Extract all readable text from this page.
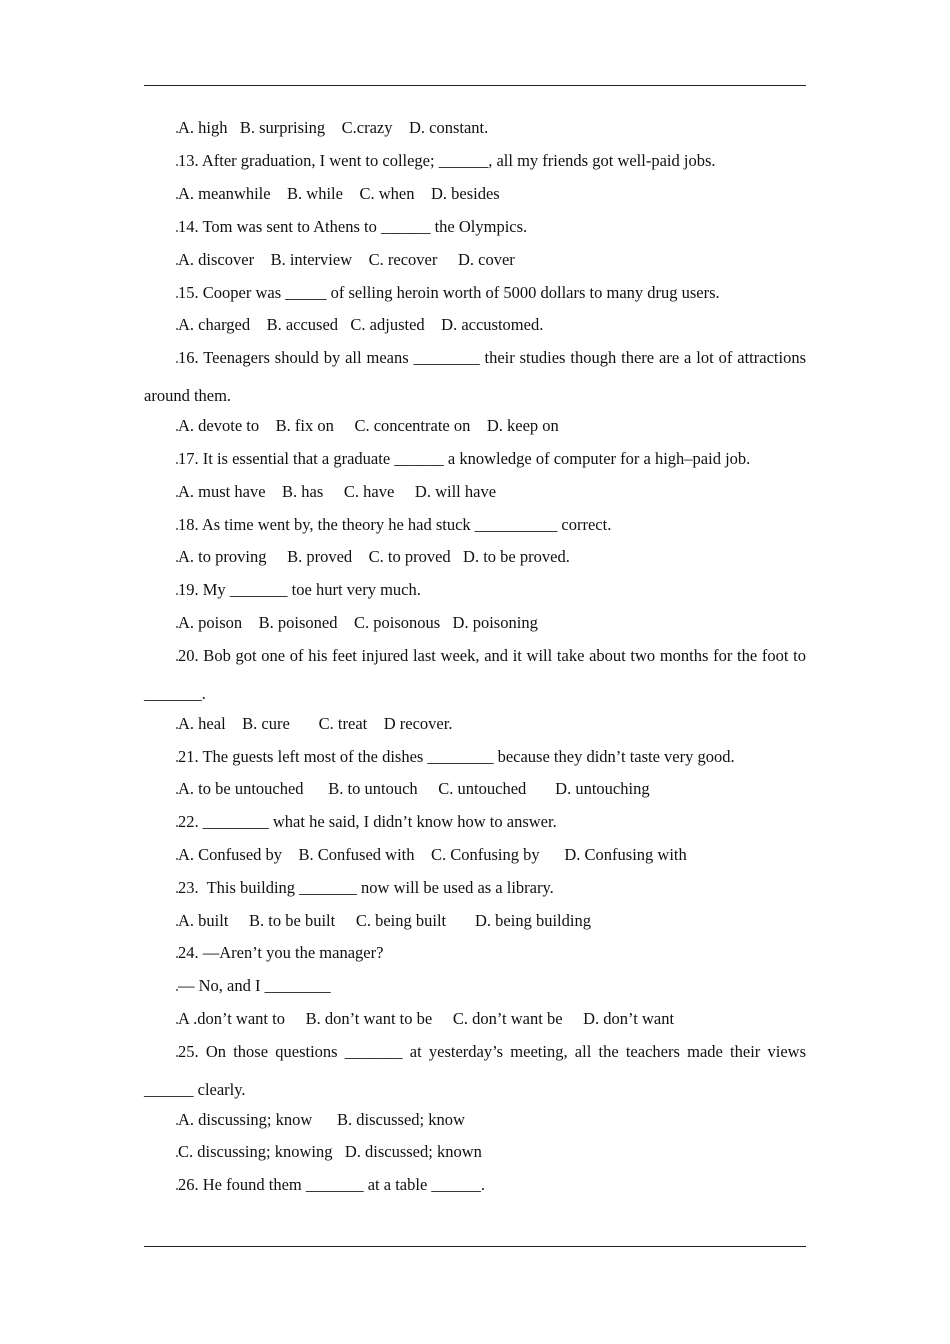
A. high   B. surprising    C.crazy    D. constant.
13. After graduation, I went to college; ______, all my friends got well-paid jobs.
A. meanwhile    B. while    C. when    D. besides
14. Tom was sent to Athens to ______ the Olympics.
A. discover    B. interview    C. recover     D. cover
15. Cooper was _____ of selling heroin worth of 5000 dollars to many drug users.
A. charged    B. accused   C. adjusted    D. accustomed.
16. Teenagers should by all means ________ their studies though there are a lot of attractions
around them.
A. devote to    B. fix on     C. concentrate on    D. keep on
17. It is essential that a graduate ______ a knowledge of computer for a high–paid job.
A. must have    B. has     C. have     D. will have
18. As time went by, the theory he had stuck __________ correct.
A. to proving     B. proved    C. to proved   D. to be proved.
19. My _______ toe hurt very much.
A. poison    B. poisoned    C. poisonous   D. poisoning
20. Bob got one of his feet injured last week, and it will take about two months for the foot to
_______.
A. heal    B. cure       C. treat    D recover.
21. The guests left most of the dishes ________ because they didn’t taste very good.
A. to be untouched      B. to untouch     C. untouched       D. untouching
22. ________ what he said, I didn’t know how to answer.
A. Confused by    B. Confused with    C. Confusing by      D. Confusing with
23.  This building _______ now will be used as a library.
A. built     B. to be built     C. being built       D. being building
24. —Aren’t you the manager?
— No, and I ________
A .don’t want to     B. don’t want to be     C. don’t want be     D. don’t want
25. On those questions _______ at yesterday’s meeting, all the teachers made their views
______ clearly.
A. discussing; know      B. discussed; know
C. discussing; knowing   D. discussed; known
26. He found them _______ at a table ______.
